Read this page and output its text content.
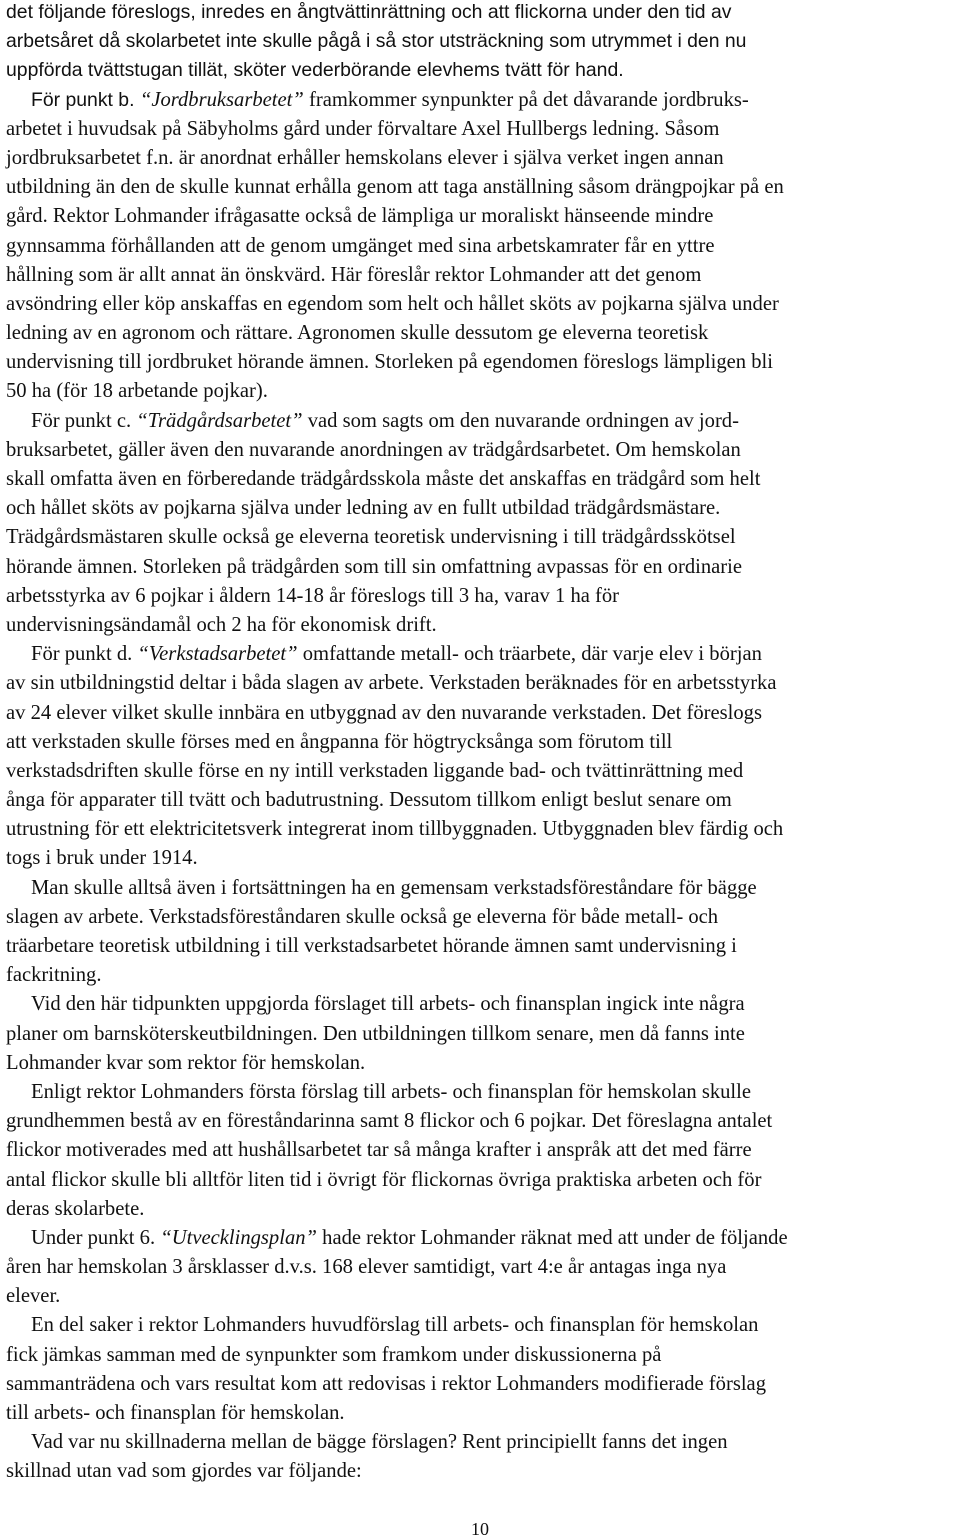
det följande föreslogs, inredes en ångtvättinrättning och att flickorna under den tid av
arbetsåret då skolarbetet inte skulle pågå i så stor utsträckning som utrymmet i den nu
uppförda tvättstugan tillät, sköter vederbörande elevhems tvätt för hand.
För punkt b. “Jordbruksarbetet” framkommer synpunkter på det dåvarande jordbruks-
arbetet i huvudsak på Säbyholms gård under förvaltare Axel Hullbergs ledning. Såsom
jordbruksarbetet f.n. är anordnat erhåller hemskolans elever i själva verket ingen annan
utbildning än den de skulle kunnat erhålla genom att taga anställning såsom drängpojkar på en
gård. Rektor Lohmander ifrågasatte också de lämpliga ur moraliskt hänseende mindre
gynnsamma förhållanden att de genom umgänget med sina arbetskamrater får en yttre
hållning som är allt annat än önskvärd. Här föreslår rektor Lohmander att det genom
avsöndring eller köp anskaffas en egendom som helt och hållet sköts av pojkarna själva under
ledning av en agronom och rättare. Agronomen skulle dessutom ge eleverna teoretisk
undervisning till jordbruket hörande ämnen. Storleken på egendomen föreslogs lämpligen bli
50 ha (för 18 arbetande pojkar).
För punkt c. “Trädgårdsarbetet” vad som sagts om den nuvarande ordningen av jord-
bruksarbetet, gäller även den nuvarande anordningen av trädgårdsarbetet. Om hemskolan
skall omfatta även en förberedande trädgårdsskola måste det anskaffas en trädgård som helt
och hållet sköts av pojkarna själva under ledning av en fullt utbildad trädgårdsmästare.
Trädgårdsmästaren skulle också ge eleverna teoretisk undervisning i till trädgårdsskötsel
hörande ämnen. Storleken på trädgården som till sin omfattning avpassas för en ordinarie
arbetsstyrka av 6 pojkar i åldern 14-18 år föreslogs till 3 ha, varav 1 ha för
undervisningsändamål och 2 ha för ekonomisk drift.
För punkt d. “Verkstadsarbetet” omfattande metall- och träarbete, där varje elev i början
av sin utbildningstid deltar i båda slagen av arbete. Verkstaden beräknades för en arbetsstyrka
av 24 elever vilket skulle innbära en utbyggnad av den nuvarande verkstaden. Det föreslogs
att verkstaden skulle förses med en ångpanna för högtrycksånga som förutom till
verkstadsdriften skulle förse en ny intill verkstaden liggande bad- och tvättinrättning med
ånga för apparater till tvätt och badutrustning. Dessutom tillkom enligt beslut senare om
utrustning för ett elektricitetsverk integrerat inom tillbyggnaden. Utbyggnaden blev färdig och
togs i bruk under 1914.
Man skulle alltså även i fortsättningen ha en gemensam verkstadsföreståndare för bägge
slagen av arbete. Verkstadsföreståndaren skulle också ge eleverna för både metall- och
träarbetare teoretisk utbildning i till verkstadsarbetet hörande ämnen samt undervisning i
fackritning.
Vid den här tidpunkten uppgjorda förslaget till arbets- och finansplan ingick inte några
planer om barnsköterskeutbildningen. Den utbildningen tillkom senare, men då fanns inte
Lohmander kvar som rektor för hemskolan.
Enligt rektor Lohmanders första förslag till arbets- och finansplan för hemskolan skulle
grundhemmen bestå av en föreståndarinna samt 8 flickor och 6 pojkar. Det föreslagna antalet
flickor motiverades med att hushållsarbetet tar så många krafter i anspråk att det med färre
antal flickor skulle bli alltför liten tid i övrigt för flickornas övriga praktiska arbeten och för
deras skolarbete.
Under punkt 6. “Utvecklingsplan” hade rektor Lohmander räknat med att under de följande
åren har hemskolan 3 årsklasser d.v.s. 168 elever samtidigt, vart 4:e år antagas inga nya
elever.
En del saker i rektor Lohmanders huvudförslag till arbets- och finansplan för hemskolan
fick jämkas samman med de synpunkter som framkom under diskussionerna på
sammanträdena och vars resultat kom att redovisas i rektor Lohmanders modifierade förslag
till arbets- och finansplan för hemskolan.
Vad var nu skillnaderna mellan de bägge förslagen? Rent principiellt fanns det ingen
skillnad utan vad som gjordes var följande:
10
